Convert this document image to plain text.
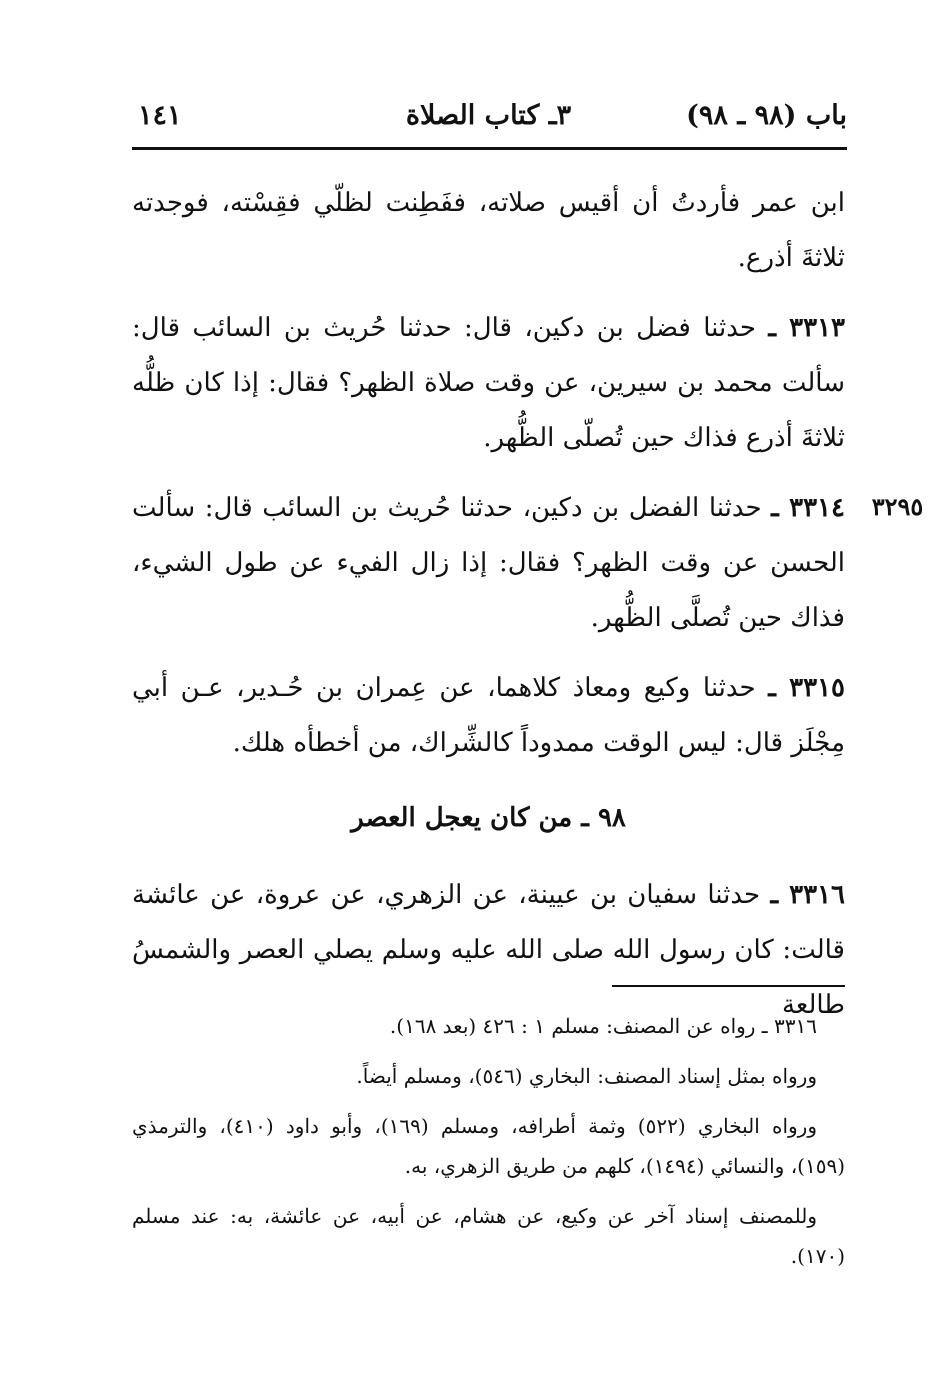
باب (٩٨ ـ ٩٨)
٣ـ كتاب الصلاة
١٤١
٣٢٩٥

ابن عمر فأردتُ أن أقيس صلاته، ففَطِنت لظلّي فقِسْته، فوجدته ثلاثةَ أذرع.

٣٣١٣ ـ حدثنا فضل بن دكين، قال: حدثنا حُريث بن السائب قال: سألت محمد بن سيرين، عن وقت صلاة الظهر؟ فقال: إذا كان ظلُّه ثلاثةَ أذرع فذاك حين تُصلّى الظُّهر.

٣٣١٤ ـ حدثنا الفضل بن دكين، حدثنا حُريث بن السائب قال: سألت الحسن عن وقت الظهر؟ فقال: إذا زال الفيء عن طول الشيء، فذاك حين تُصلَّى الظُّهر.

٣٣١٥ ـ حدثنا وكيع ومعاذ كلاهما، عن عِمران بن حُـدير، عـن أبي مِجْلَز قال: ليس الوقت ممدوداً كالشِّراك، من أخطأه هلك.

٩٨ ـ من كان يعجل العصر

٣٣١٦ ـ حدثنا سفيان بن عيينة، عن الزهري، عن عروة، عن عائشة قالت: كان رسول الله صلى الله عليه وسلم يصلي العصر والشمسُ طالعة

٣٣١٦ ـ رواه عن المصنف: مسلم ١ : ٤٢٦ (بعد ١٦٨).

ورواه بمثل إسناد المصنف: البخاري (٥٤٦)، ومسلم أيضاً.

ورواه البخاري (٥٢٢) وثمة أطرافه، ومسلم (١٦٩)، وأبو داود (٤١٠)، والترمذي (١٥٩)، والنسائي (١٤٩٤)، كلهم من طريق الزهري، به.

وللمصنف إسناد آخر عن وكيع، عن هشام، عن أبيه، عن عائشة، به: عند مسلم (١٧٠).
